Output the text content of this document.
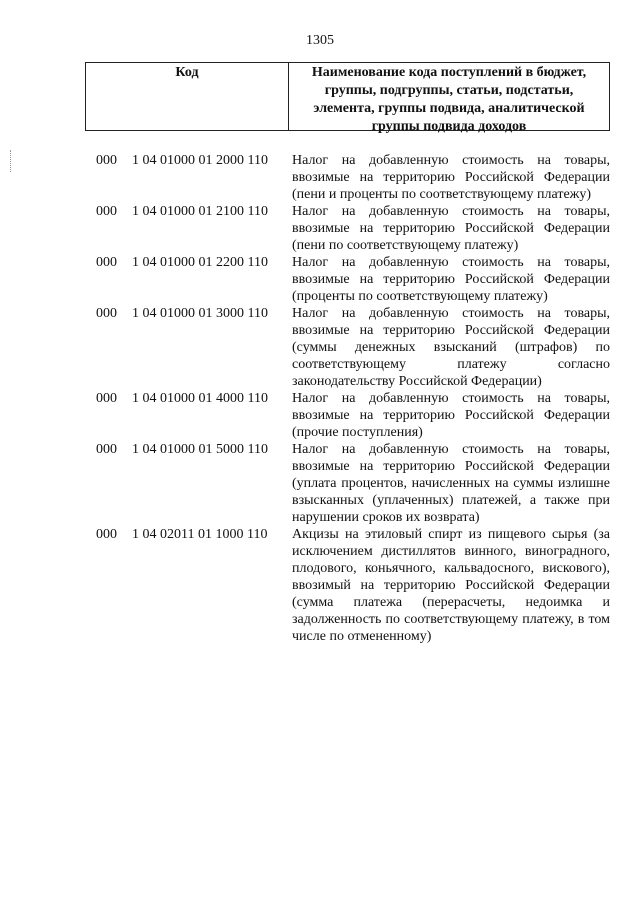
1305
Код	Наименование кода поступлений в бюджет, группы, подгруппы, статьи, подстатьи, элемента, группы подвида, аналитической группы подвида доходов
000	1 04 01000 01 2000 110	Налог на добавленную стоимость на товары, ввозимые на территорию Российской Федерации (пени и проценты по соответствующему платежу)
000	1 04 01000 01 2100 110	Налог на добавленную стоимость на товары, ввозимые на территорию Российской Федерации (пени по соответствующему платежу)
000	1 04 01000 01 2200 110	Налог на добавленную стоимость на товары, ввозимые на территорию Российской Федерации (проценты по соответствующему платежу)
000	1 04 01000 01 3000 110	Налог на добавленную стоимость на товары, ввозимые на территорию Российской Федерации (суммы денежных взысканий (штрафов) по соответствующему платежу согласно законодательству Российской Федерации)
000	1 04 01000 01 4000 110	Налог на добавленную стоимость на товары, ввозимые на территорию Российской Федерации (прочие поступления)
000	1 04 01000 01 5000 110	Налог на добавленную стоимость на товары, ввозимые на территорию Российской Федерации (уплата процентов, начисленных на суммы излишне взысканных (уплаченных) платежей, а также при нарушении сроков их возврата)
000	1 04 02011 01 1000 110	Акцизы на этиловый спирт из пищевого сырья (за исключением дистиллятов винного, виноградного, плодового, коньячного, кальвадосного, вискового), ввозимый на территорию Российской Федерации (сумма платежа (перерасчеты, недоимка и задолженность по соответствующему платежу, в том числе по отмененному)
